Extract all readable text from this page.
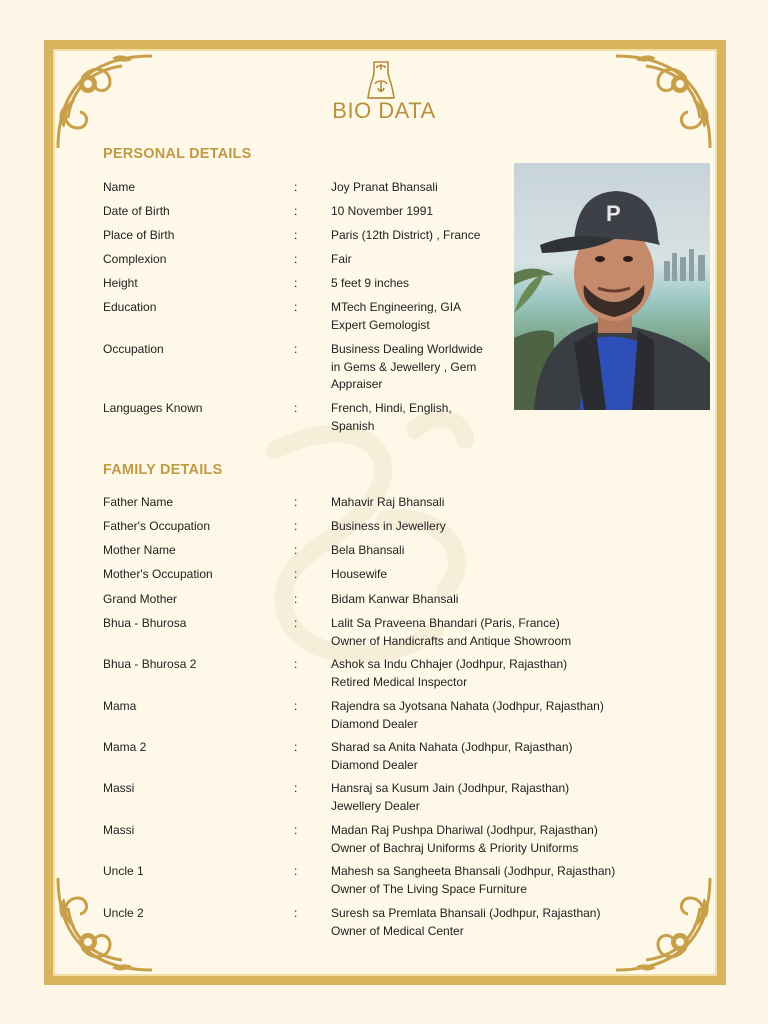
BIO DATA
PERSONAL DETAILS
Name	:	Joy Pranat Bhansali
Date of Birth	:	10 November 1991
Place of Birth	:	Paris (12th District) , France
Complexion	:	Fair
Height	:	5 feet 9 inches
Education	:	MTech Engineering, GIA
Expert Gemologist
Occupation	:	Business Dealing Worldwide
in Gems & Jewellery , Gem
Appraiser
Languages Known	:	French, Hindi, English,
Spanish
P
FAMILY DETAILS
Father Name	:	Mahavir Raj Bhansali
Father's Occupation	:	Business in Jewellery
Mother Name	:	Bela Bhansali
Mother's Occupation	:	Housewife
Grand Mother	:	Bidam Kanwar Bhansali
Bhua - Bhurosa	:	Lalit Sa Praveena Bhandari (Paris, France)
Owner of Handicrafts and Antique Showroom
Bhua - Bhurosa 2	:	Ashok sa Indu Chhajer (Jodhpur, Rajasthan)
Retired Medical Inspector
Mama	:	Rajendra sa Jyotsana Nahata (Jodhpur, Rajasthan)
Diamond Dealer
Mama 2	:	Sharad sa Anita Nahata (Jodhpur, Rajasthan)
Diamond Dealer
Massi	:	Hansraj sa Kusum Jain (Jodhpur, Rajasthan)
Jewellery Dealer
Massi	:	Madan Raj Pushpa Dhariwal (Jodhpur, Rajasthan)
Owner of Bachraj Uniforms & Priority Uniforms
Uncle 1	:	Mahesh sa Sangheeta Bhansali (Jodhpur, Rajasthan)
Owner of The Living Space Furniture
Uncle 2	:	Suresh sa Premlata Bhansali (Jodhpur, Rajasthan)
Owner of Medical Center
